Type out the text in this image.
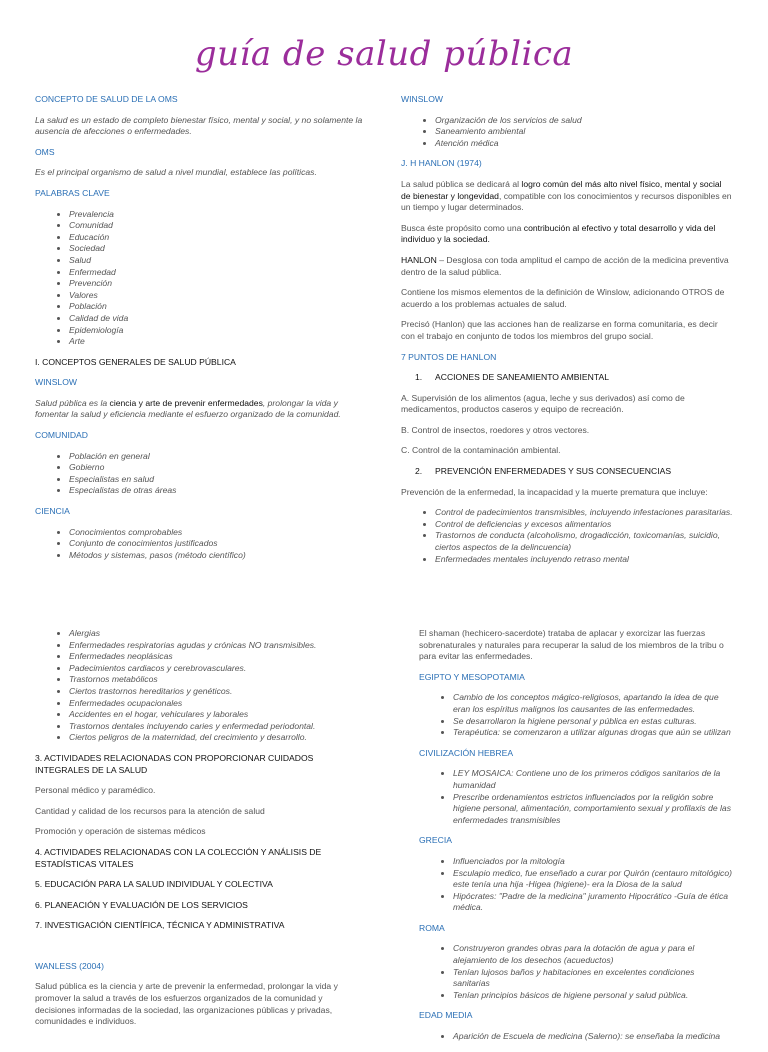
guía de salud pública
CONCEPTO DE SALUD DE LA OMS

La salud es un estado de completo bienestar físico, mental y social, y no solamente la ausencia de afecciones o enfermedades.

OMS

Es el principal organismo de salud a nivel mundial, establece las políticas.

PALABRAS CLAVE
• Prevalencia
• Comunidad
• Educación
• Sociedad
• Salud
• Enfermedad
• Prevención
• Valores
• Población
• Calidad de vida
• Epidemiología
• Arte
I. CONCEPTOS GENERALES DE SALUD PÚBLICA
WINSLOW

Salud pública es la ciencia y arte de prevenir enfermedades, prolongar la vida y fomentar la salud y eficiencia mediante el esfuerzo organizado de la comunidad.

COMUNIDAD
• Población en general
• Gobierno
• Especialistas en salud
• Especialistas de otras áreas
CIENCIA
• Conocimientos comprobables
• Conjunto de conocimientos justificados
• Métodos y sistemas, pasos (método científico)
WINSLOW
• Organización de los servicios de salud
• Saneamiento ambiental
• Atención médica
J. H HANLON (1974)

La salud pública se dedicará al logro común del más alto nivel físico, mental y social de bienestar y longevidad, compatible con los conocimientos y recursos disponibles en un tiempo y lugar determinados.

Busca éste propósito como una contribución al efectivo y total desarrollo y vida del individuo y la sociedad.

HANLON – Desglosa con toda amplitud el campo de acción de la medicina preventiva dentro de la salud pública.

Contiene los mismos elementos de la definición de Winslow, adicionando OTROS de acuerdo a los problemas actuales de salud.

Precisó (Hanlon) que las acciones han de realizarse en forma comunitaria, es decir con el trabajo en conjunto de todos los miembros del grupo social.

7 PUNTOS DE HANLON
1. ACCIONES DE SANEAMIENTO AMBIENTAL

A. Supervisión de los alimentos (agua, leche y sus derivados) así como de medicamentos, productos caseros y equipo de recreación.

B. Control de insectos, roedores y otros vectores.

C. Control de la contaminación ambiental.

2. PREVENCIÓN ENFERMEDADES Y SUS CONSECUENCIAS

Prevención de la enfermedad, la incapacidad y la muerte prematura que incluye:

• Control de padecimientos transmisibles, incluyendo infestaciones parasitarias.
• Control de deficiencias y excesos alimentarios
• Trastornos de conducta (alcoholismo, drogadicción, toxicomanías, suicidio, ciertos aspectos de la delincuencia)
• Enfermedades mentales incluyendo retraso mental
• Alergias
• Enfermedades respiratorias agudas y crónicas NO transmisibles.
• Enfermedades neoplásicas
• Padecimientos cardiacos y cerebrovasculares.
• Trastornos metabólicos
• Ciertos trastornos hereditarios y genéticos.
• Enfermedades ocupacionales
• Accidentes en el hogar, vehiculares y laborales
• Trastornos dentales incluyendo caries y enfermedad periodontal.
• Ciertos peligros de la maternidad, del crecimiento y desarrollo.

3. ACTIVIDADES RELACIONADAS CON PROPORCIONAR CUIDADOS INTEGRALES DE LA SALUD

Personal médico y paramédico.

Cantidad y calidad de los recursos para la atención de salud

Promoción y operación de sistemas médicos

4. ACTIVIDADES RELACIONADAS CON LA COLECCIÓN Y ANÁLISIS DE ESTADÍSTICAS VITALES

5. EDUCACIÓN PARA LA SALUD INDIVIDUAL Y COLECTIVA

6. PLANEACIÓN Y EVALUACIÓN DE LOS SERVICIOS

7. INVESTIGACIÓN CIENTÍFICA, TÉCNICA Y ADMINISTRATIVA

WANLESS (2004)

Salud pública es la ciencia y arte de prevenir la enfermedad, prolongar la vida y promover la salud a través de los esfuerzos organizados de la comunidad y decisiones informadas de la sociedad, las organizaciones públicas y privadas, comunidades e individuos.

El shaman (hechicero-sacerdote) trataba de aplacar y exorcizar las fuerzas sobrenaturales y naturales para recuperar la salud de los miembros de la tribu o para evitar las enfermedades.

EGIPTO Y MESOPOTAMIA
• Cambio de los conceptos mágico-religiosos, apartando la idea de que eran los espíritus malignos los causantes de las enfermedades.
• Se desarrollaron la higiene personal y pública en estas culturas.
• Terapéutica: se comenzaron a utilizar algunas drogas que aún se utilizan
CIVILIZACIÓN HEBREA
• LEY MOSAICA: Contiene uno de los primeros códigos sanitarios de la humanidad
• Prescribe ordenamientos estrictos influenciados por la religión sobre higiene personal, alimentación, comportamiento sexual y profilaxis de las enfermedades transmisibles
GRECIA
• Influenciados por la mitología
• Esculapio medico, fue enseñado a curar por Quirón (centauro mitológico) este tenía una hija -Higea (higiene)- era la Diosa de la salud
• Hipócrates: "Padre de la medicina" juramento Hipocrático -Guía de ética médica.
ROMA
• Construyeron grandes obras para la dotación de agua y para el alejamiento de los desechos (acueductos)
• Tenían lujosos baños y habitaciones en excelentes condiciones sanitarias
• Tenían principios básicos de higiene personal y salud pública.
EDAD MEDIA
• Aparición de Escuela de medicina (Salerno): se enseñaba la medicina
